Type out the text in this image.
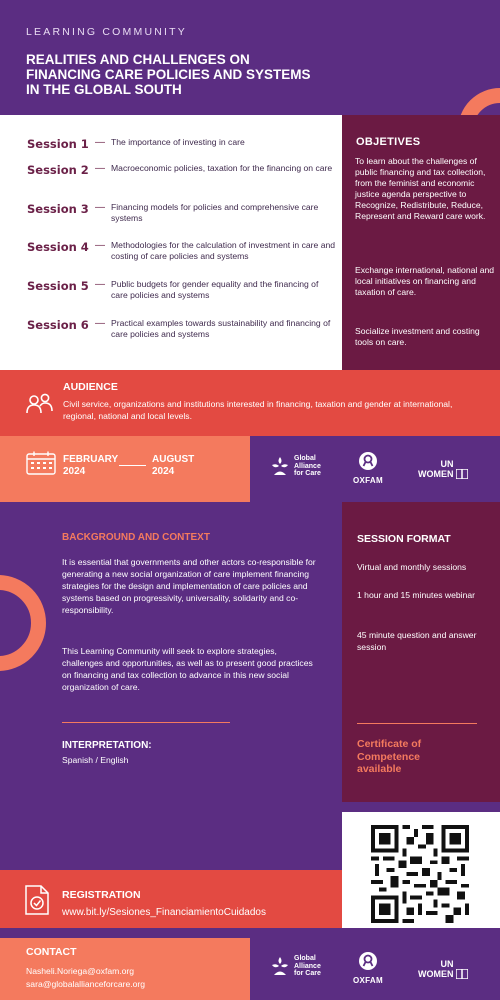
LEARNING COMMUNITY
REALITIES AND CHALLENGES ON FINANCING CARE POLICIES AND SYSTEMS IN THE GLOBAL SOUTH
Session 1 — The importance of investing in care
Session 2 — Macroeconomic policies, taxation for the financing on care
Session 3 — Financing models for policies and comprehensive care systems
Session 4 — Methodologies for the calculation of investment in care and costing of care policies and systems
Session 5 — Public budgets for gender equality and the financing of care policies and systems
Session 6 — Practical examples towards sustainability and financing of care policies and systems
OBJETIVES
To learn about the challenges of public financing and tax collection, from the feminist and economic justice agenda perspective to Recognize, Redistribute, Reduce, Represent and Reward care work.
Exchange international, national and local initiatives on financing and taxation of care.
Socialize investment and costing tools on care.
AUDIENCE
Civil service, organizations and institutions interested in financing, taxation and gender at international, regional, national and local levels.
FEBRUARY
2024
AUGUST
2024
Global
Alliance
for Care
OXFAM
UN
WOMEN
BACKGROUND AND CONTEXT
It is essential that governments and other actors co-responsible for generating a new social organization of care implement financing strategies for the design and implementation of care policies and systems based on progressivity, universality, solidarity and co-responsibility.
This Learning Community will seek to explore strategies, challenges and opportunities, as well as to present good practices on financing and tax collection to advance in this new social organization of care.
INTERPRETATION:
Spanish / English
SESSION FORMAT
Virtual and monthly sessions
1 hour and 15 minutes webinar
45 minute question and answer session
Certificate of Competence available
REGISTRATION
www.bit.ly/Sesiones_FinanciamientoCuidados
CONTACT
Nasheli.Noriega@oxfam.org
sara@globalallianceforcare.org
Global
Alliance
for Care
OXFAM
UN
WOMEN
